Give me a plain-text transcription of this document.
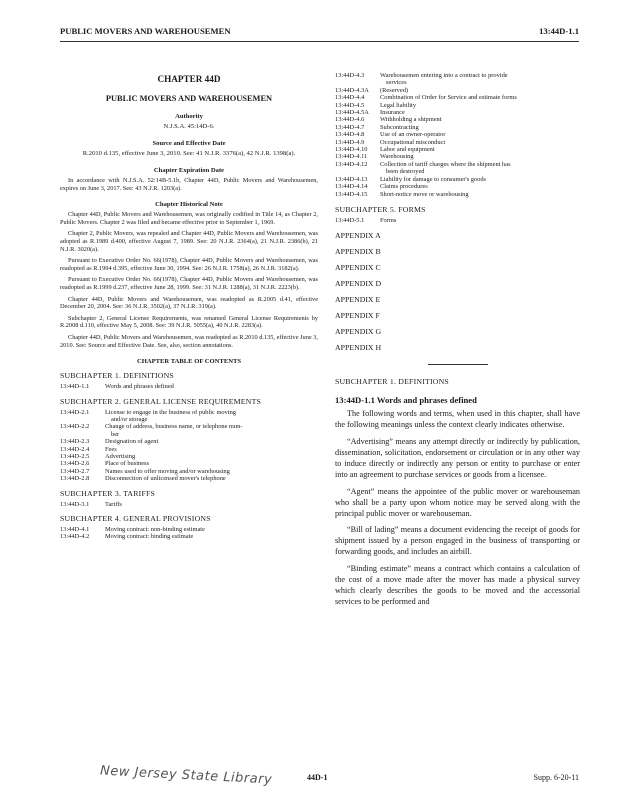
PUBLIC MOVERS AND WAREHOUSEMEN	13:44D-1.1

CHAPTER 44D

PUBLIC MOVERS AND WAREHOUSEMEN

Authority

N.J.S.A. 45:14D-6.

Source and Effective Date

R.2010 d.135, effective June 3, 2010. See: 41 N.J.R. 3376(a), 42 N.J.R. 1398(a).

Chapter Expiration Date

In accordance with N.J.S.A. 52:14B-5.1b, Chapter 44D, Public Movers and Warehousemen, expires on June 3, 2017. See: 43 N.J.R. 1203(a).

Chapter Historical Note

Chapter 44D, Public Movers and Warehousemen, was originally codified in Title 14, as Chapter 2, Public Movers. Chapter 2 was filed and became effective prior to September 1, 1969.

Chapter 2, Public Movers, was repealed and Chapter 44D, Public Movers and Warehousemen, was adopted as R.1989 d.400, effective August 7, 1989. See: 20 N.J.R. 2364(a), 21 N.J.R. 2386(b), 21 N.J.R. 3020(a).

Pursuant to Executive Order No. 66(1978), Chapter 44D, Public Movers and Warehousemen, was readopted as R.1994 d.395, effective June 30, 1994. See: 26 N.J.R. 1758(a), 26 N.J.R. 3182(a).

Pursuant to Executive Order No. 66(1978), Chapter 44D, Public Movers and Warehousemen, was readopted as R.1999 d.237, effective June 28, 1999. See: 31 N.J.R. 1288(a), 31 N.J.R. 2223(b).

Chapter 44D, Public Movers and Warehousemen, was readopted as R.2005 d.41, effective December 20, 2004. See: 36 N.J.R. 3502(a), 37 N.J.R. 319(a).

Subchapter 2, General License Requirements, was renamed General License Requirements by R.2008 d.110, effective May 5, 2008. See: 39 N.J.R. 5055(a), 40 N.J.R. 2283(a).

Chapter 44D, Public Movers and Warehousemen, was readopted as R.2010 d.135, effective June 3, 2010. See: Source and Effective Date. See, also, section annotations.

CHAPTER TABLE OF CONTENTS

SUBCHAPTER 1. DEFINITIONS

13:44D-1.1	Words and phrases defined

SUBCHAPTER 2. GENERAL LICENSE REQUIREMENTS

13:44D-2.1	License to engage in the business of public moving
and/or storage
13:44D-2.2	Change of address, business name, or telephone num-
ber
13:44D-2.3	Designation of agent
13:44D-2.4	Fees
13:44D-2.5	Advertising
13:44D-2.6	Place of business
13:44D-2.7	Names used to offer moving and/or warehousing
13:44D-2.8	Disconnection of unlicensed mover's telephone

SUBCHAPTER 3. TARIFFS

13:44D-3.1	Tariffs

SUBCHAPTER 4. GENERAL PROVISIONS

13:44D-4.1	Moving contract: non-binding estimate
13:44D-4.2	Moving contract: binding estimate
13:44D-4.3	Warehousemen entering into a contract to provide
services
13:44D-4.3A	(Reserved)
13:44D-4.4	Combination of Order for Service and estimate forms
13:44D-4.5	Legal liability
13:44D-4.5A	Insurance
13:44D-4.6	Withholding a shipment
13:44D-4.7	Subcontracting
13:44D-4.8	Use of an owner-operator
13:44D-4.9	Occupational misconduct
13:44D-4.10	Labor and equipment
13:44D-4.11	Warehousing
13:44D-4.12	Collection of tariff charges where the shipment has
been destroyed
13:44D-4.13	Liability for damage to consumer's goods
13:44D-4.14	Claims procedures
13:44D-4.15	Short-notice move or warehousing

SUBCHAPTER 5. FORMS

13:44D-5.1	Forms

APPENDIX A

APPENDIX B

APPENDIX C

APPENDIX D

APPENDIX E

APPENDIX F

APPENDIX G

APPENDIX H

SUBCHAPTER 1. DEFINITIONS

13:44D-1.1 Words and phrases defined

The following words and terms, when used in this chapter, shall have the following meanings unless the context clearly indicates otherwise.

“Advertising” means any attempt directly or indirectly by publication, dissemination, solicitation, endorsement or circulation or in any other way to induce directly or indirectly any person or entity to purchase or enter into an agreement to purchase services or goods from a licensee.

“Agent” means the appointee of the public mover or warehouseman who shall be a party upon whom notice may be served along with the principal public mover or warehouseman.

“Bill of lading” means a document evidencing the receipt of goods for shipment issued by a person engaged in the business of transporting or forwarding goods, and includes an airbill.

“Binding estimate” means a contract which contains a calculation of the cost of a move made after the mover has made a physical survey which clearly describes the goods to be moved and the accessorial services to be performed and

New Jersey State Library	44D-1	Supp. 6-20-11
